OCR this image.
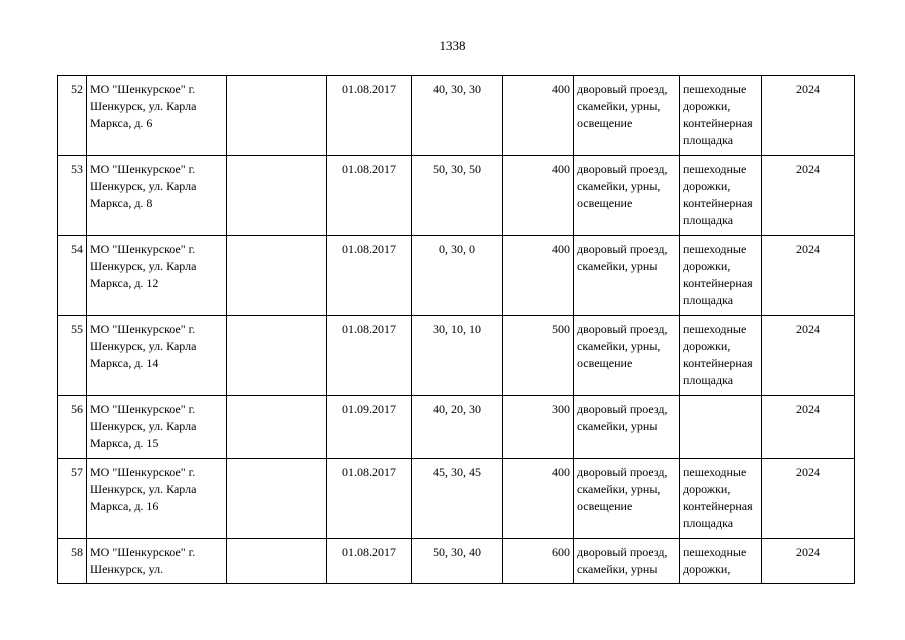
1338
52	МО "Шенкурское" г. Шенкурск, ул. Карла Маркса, д. 6		01.08.2017	40, 30, 30	400	дворовый проезд, скамейки, урны, освещение	пешеходные дорожки, контейнерная площадка	2024
53	МО "Шенкурское" г. Шенкурск, ул. Карла Маркса, д. 8		01.08.2017	50, 30, 50	400	дворовый проезд, скамейки, урны, освещение	пешеходные дорожки, контейнерная площадка	2024
54	МО "Шенкурское" г. Шенкурск, ул. Карла Маркса, д. 12		01.08.2017	0, 30, 0	400	дворовый проезд, скамейки, урны	пешеходные дорожки, контейнерная площадка	2024
55	МО "Шенкурское" г. Шенкурск, ул. Карла Маркса, д. 14		01.08.2017	30, 10, 10	500	дворовый проезд, скамейки, урны, освещение	пешеходные дорожки, контейнерная площадка	2024
56	МО "Шенкурское" г. Шенкурск, ул. Карла Маркса, д. 15		01.09.2017	40, 20, 30	300	дворовый проезд, скамейки, урны		2024
57	МО "Шенкурское" г. Шенкурск, ул. Карла Маркса, д. 16		01.08.2017	45, 30, 45	400	дворовый проезд, скамейки, урны, освещение	пешеходные дорожки, контейнерная площадка	2024
58	МО "Шенкурское" г. Шенкурск, ул.		01.08.2017	50, 30, 40	600	дворовый проезд, скамейки, урны	пешеходные дорожки,	2024
